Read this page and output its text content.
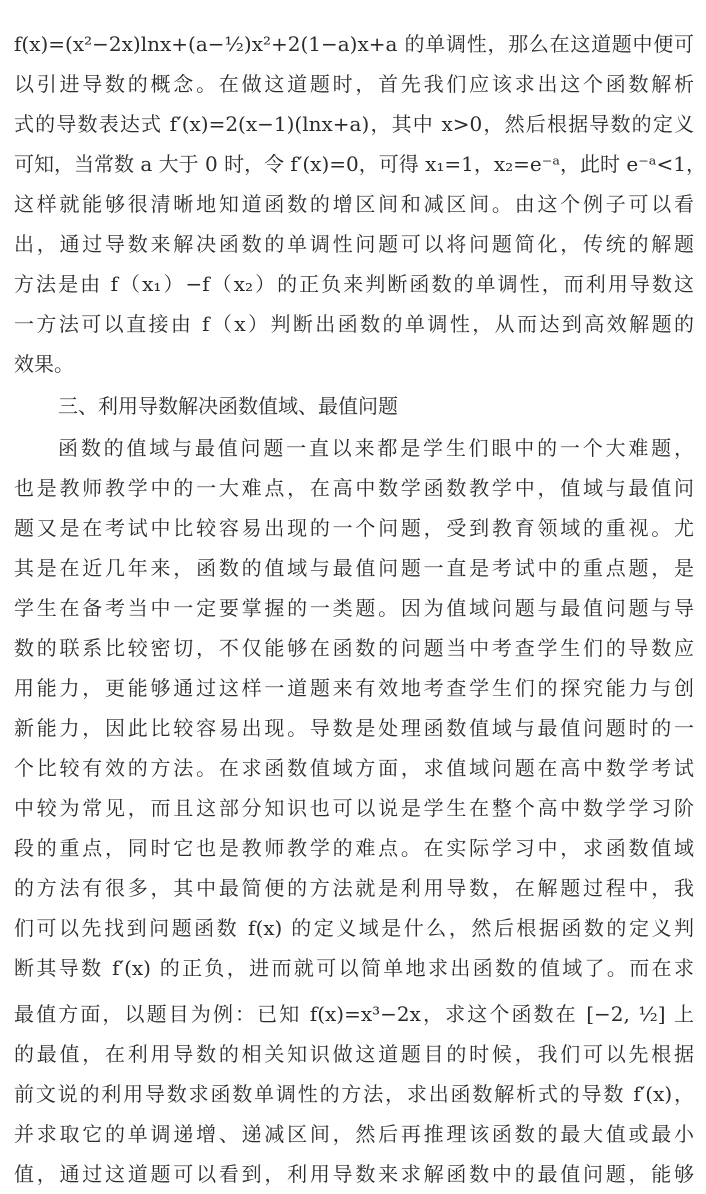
f(x)=(x²−2x)lnx+(a−½)x²+2(1−a)x+a 的单调性，那么在这道题中便可
以引进导数的概念。在做这道题时，首先我们应该求出这个函数解析
式的导数表达式 f′(x)=2(x−1)(lnx+a)，其中 x>0，然后根据导数的定义
可知，当常数 a 大于 0 时，令 f′(x)=0，可得 x₁=1，x₂=e⁻ᵃ，此时 e⁻ᵃ<1，
这样就能够很清晰地知道函数的增区间和减区间。由这个例子可以看
出，通过导数来解决函数的单调性问题可以将问题简化，传统的解题
方法是由 f（x₁）−f（x₂）的正负来判断函数的单调性，而利用导数这
一方法可以直接由 f（x）判断出函数的单调性，从而达到高效解题的
效果。
三、利用导数解决函数值域、最值问题
函数的值域与最值问题一直以来都是学生们眼中的一个大难题，
也是教师教学中的一大难点，在高中数学函数教学中，值域与最值问
题又是在考试中比较容易出现的一个问题，受到教育领域的重视。尤
其是在近几年来，函数的值域与最值问题一直是考试中的重点题，是
学生在备考当中一定要掌握的一类题。因为值域问题与最值问题与导
数的联系比较密切，不仅能够在函数的问题当中考查学生们的导数应
用能力，更能够通过这样一道题来有效地考查学生们的探究能力与创
新能力，因此比较容易出现。导数是处理函数值域与最值问题时的一
个比较有效的方法。在求函数值域方面，求值域问题在高中数学考试
中较为常见，而且这部分知识也可以说是学生在整个高中数学学习阶
段的重点，同时它也是教师教学的难点。在实际学习中，求函数值域
的方法有很多，其中最简便的方法就是利用导数，在解题过程中，我
们可以先找到问题函数 f(x) 的定义域是什么，然后根据函数的定义判
断其导数 f′(x) 的正负，进而就可以简单地求出函数的值域了。而在求
最值方面，以题目为例：已知 f(x)=x³−2x，求这个函数在 [−2, ½] 上
的最值，在利用导数的相关知识做这道题目的时候，我们可以先根据
前文说的利用导数求函数单调性的方法，求出函数解析式的导数 f′(x)，
并求取它的单调递增、递减区间，然后再推理该函数的最大值或最小
值，通过这道题可以看到，利用导数来求解函数中的最值问题，能够
